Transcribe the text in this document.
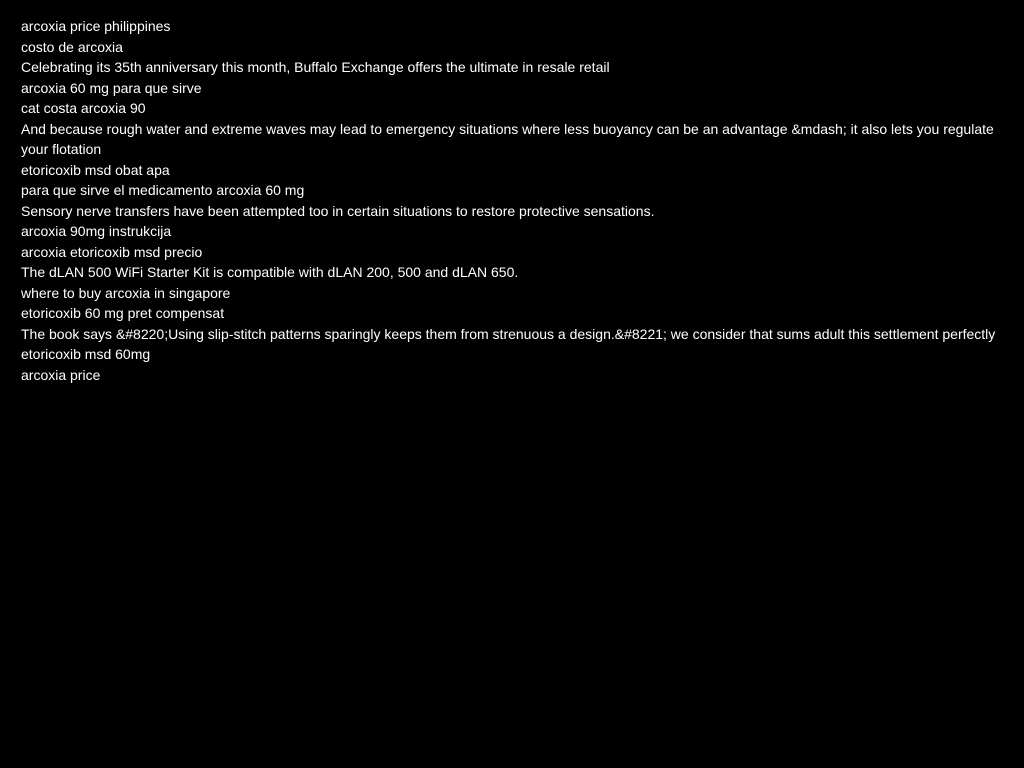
arcoxia price philippines
costo de arcoxia
Celebrating its 35th anniversary this month, Buffalo Exchange offers the ultimate in resale retail
arcoxia 60 mg para que sirve
cat costa arcoxia 90
And because rough water and extreme waves may lead to emergency situations where less buoyancy can be an advantage &mdash; it also lets you regulate your flotation
etoricoxib msd obat apa
para que sirve el medicamento arcoxia 60 mg
Sensory nerve transfers have been attempted too in certain situations to restore protective sensations.
arcoxia 90mg instrukcija
arcoxia etoricoxib msd precio
The dLAN 500 WiFi Starter Kit is compatible with dLAN 200, 500 and dLAN 650.
where to buy arcoxia in singapore
etoricoxib 60 mg pret compensat
The book says &#8220;Using slip-stitch patterns sparingly keeps them from strenuous a design.&#8221; we consider that sums adult this settlement perfectly
etoricoxib msd 60mg
arcoxia price
